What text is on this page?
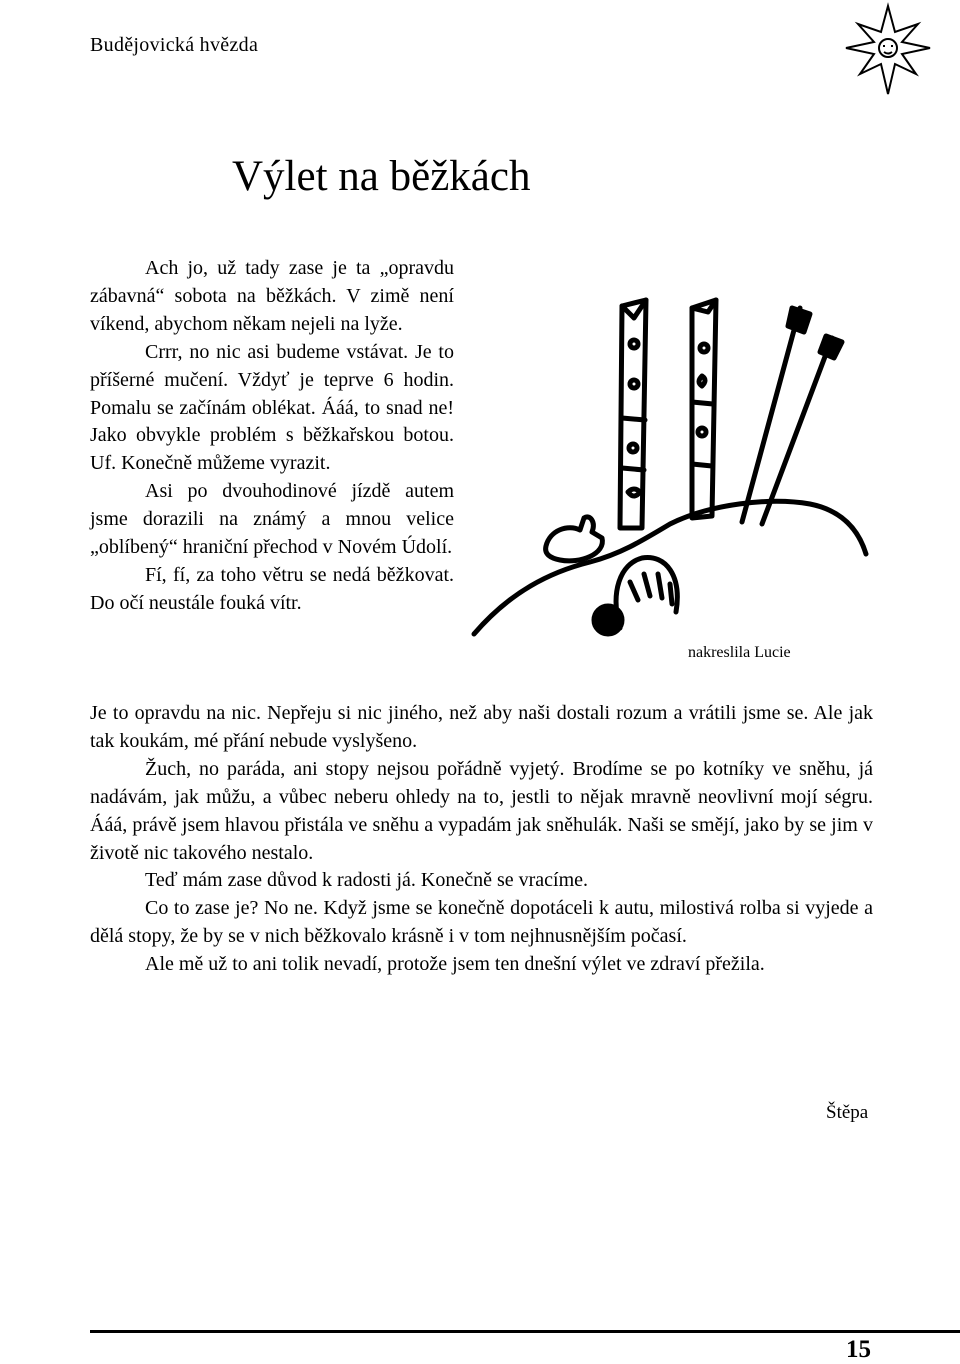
Budějovická hvězda
Výlet na běžkách

Ach jo, už tady zase je ta „opravdu zábavná“ sobota na běžkách. V zimě není víkend, abychom někam nejeli na lyže.

Crrr, no nic asi budeme vstávat. Je to příšerné mučení. Vždyť je teprve 6 hodin. Pomalu se začínám oblékat. Ááá, to snad ne! Jako obvykle problém s běžkařskou botou. Uf. Konečně můžeme vyrazit.

Asi po dvouhodinové jízdě autem jsme dorazili na známý a mnou velice „oblíbený“ hraniční přechod v Novém Údolí.

Fí, fí, za toho větru se nedá běžkovat. Do očí neustále fouká vítr.

nakreslila Lucie

Je to opravdu na nic. Nepřeju si nic jiného, než aby naši dostali rozum a vrátili jsme se. Ale jak tak koukám, mé přání nebude vyslyšeno.

Žuch, no paráda, ani stopy nejsou pořádně vyjetý. Brodíme se po kotníky ve sněhu, já nadávám, jak můžu, a vůbec neberu ohledy na to, jestli to nějak mravně neovlivní mojí ségru. Ááá, právě jsem hlavou přistála ve sněhu a vypadám jak sněhulák. Naši se smějí, jako by se jim v životě nic takového nestalo.

Teď mám zase důvod k radosti já. Konečně se vracíme.

Co to zase je? No ne. Když jsme se konečně dopotáceli k autu, milostivá rolba si vyjede a dělá stopy, že by se v nich běžkovalo krásně i v tom nejhnusnějším počasí.

Ale mě už to ani tolik nevadí, protože jsem ten dnešní výlet ve zdraví přežila.

Štěpa
15
